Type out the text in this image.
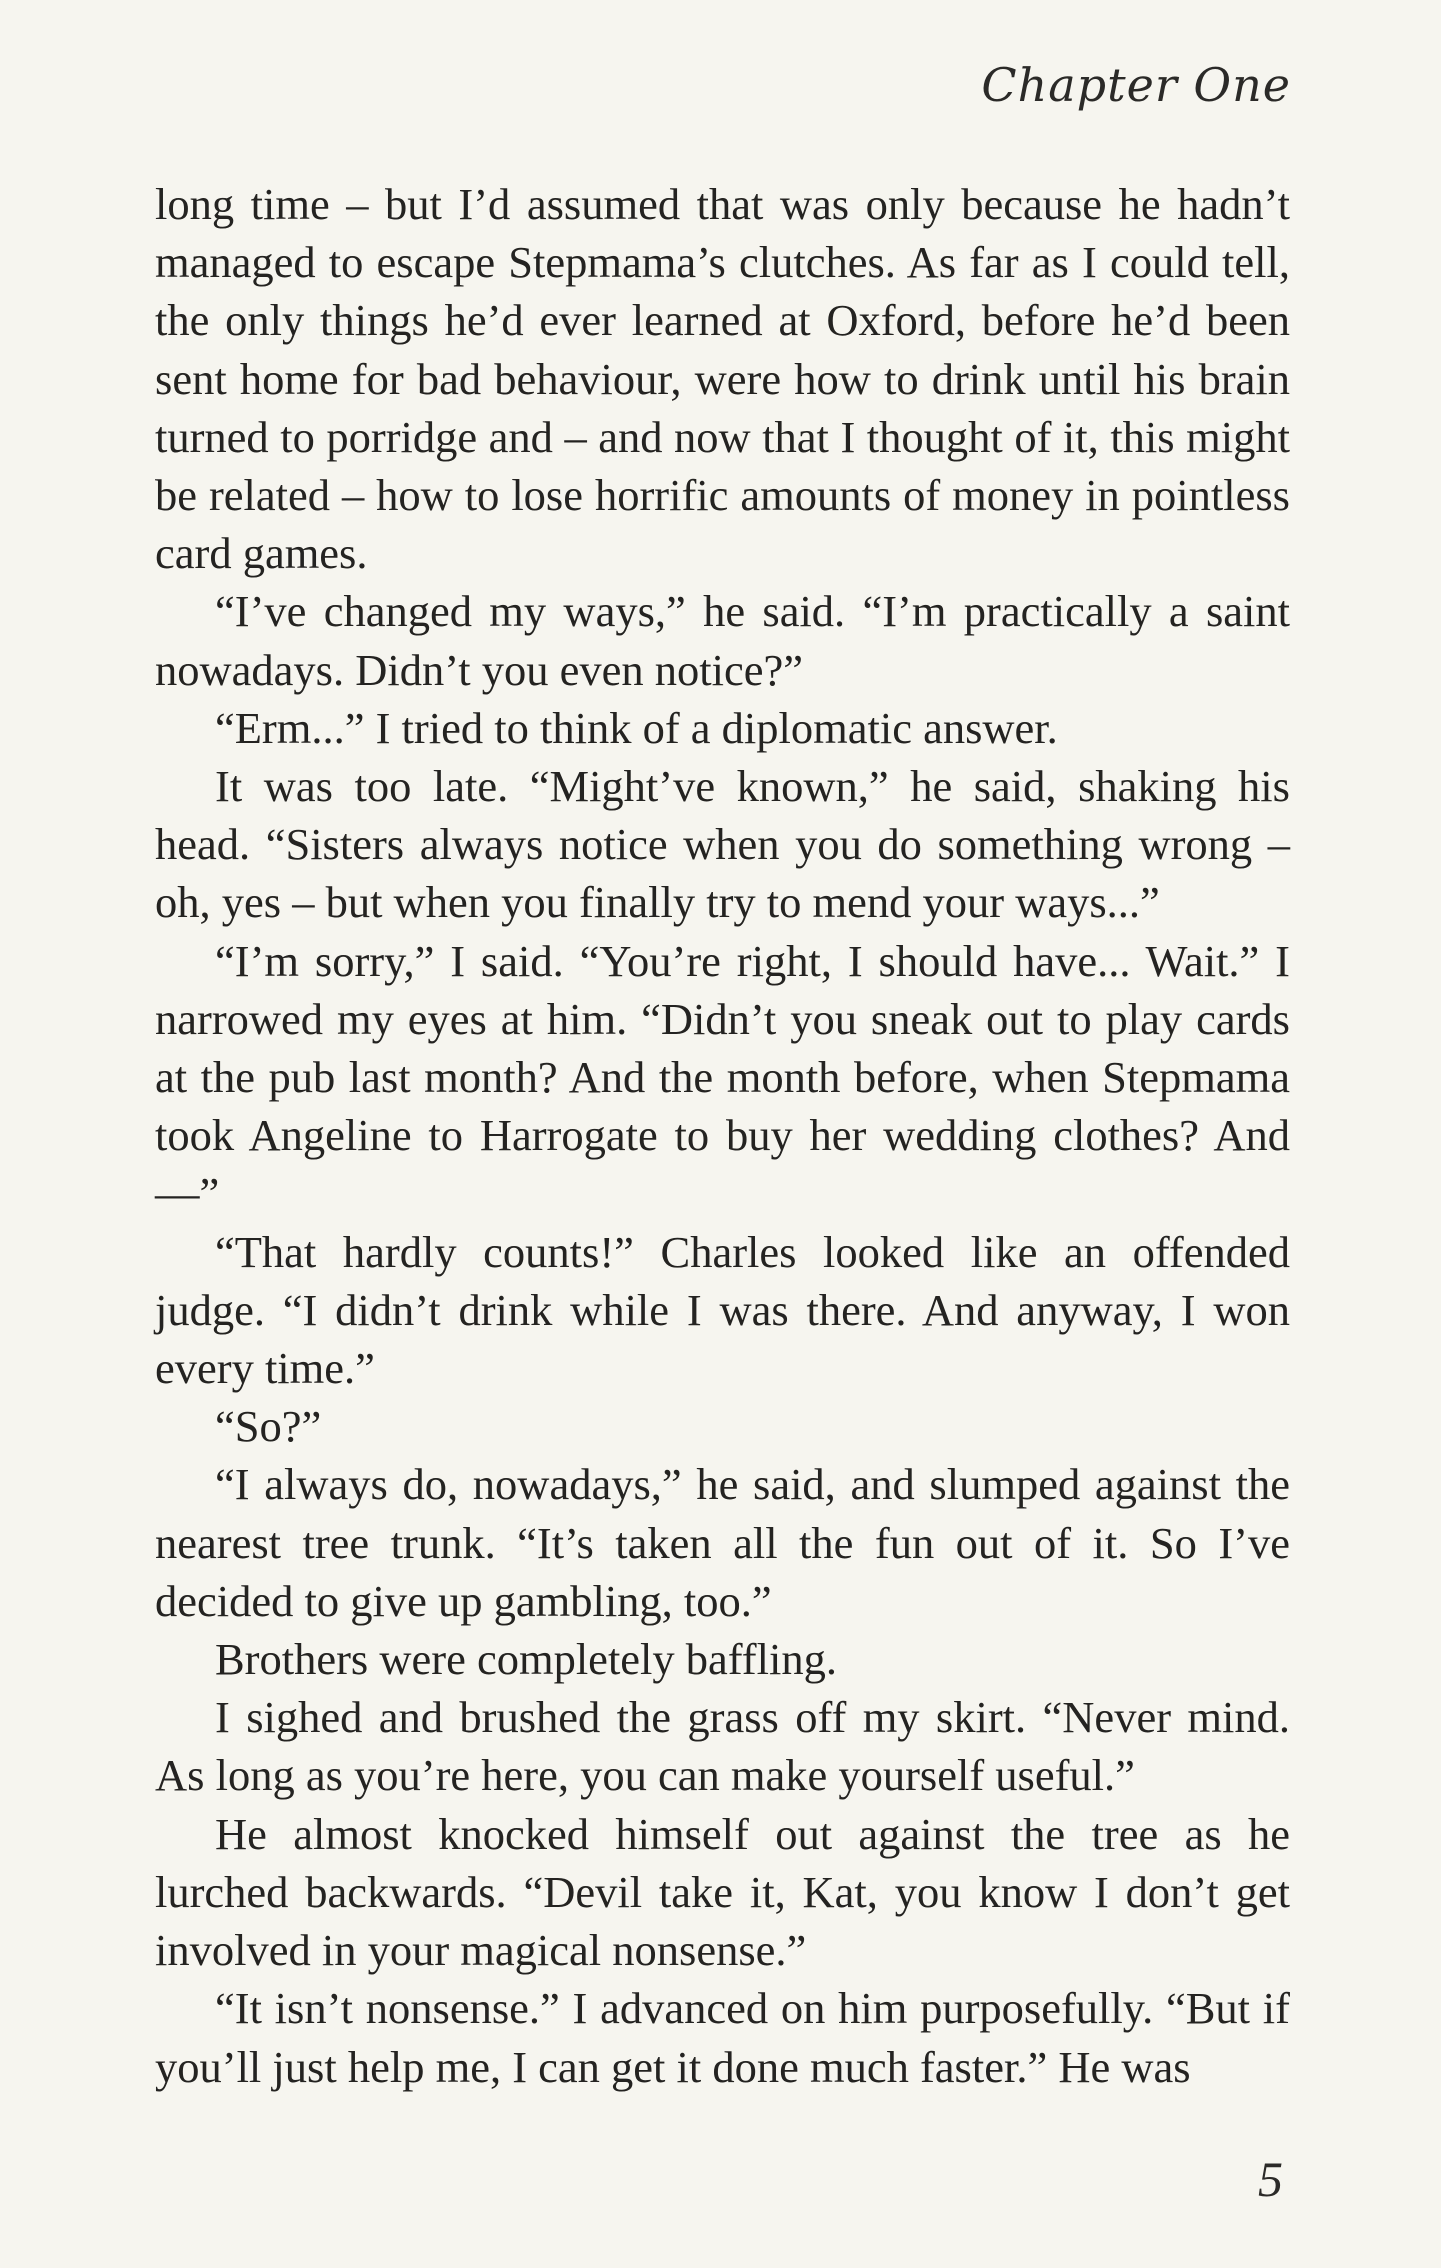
Chapter One

long time – but I’d assumed that was only because he hadn’t managed to escape Stepmama’s clutches. As far as I could tell, the only things he’d ever learned at Oxford, before he’d been sent home for bad behaviour, were how to drink until his brain turned to porridge and – and now that I thought of it, this might be related – how to lose horrific amounts of money in pointless card games.

“I’ve changed my ways,” he said. “I’m practically a saint nowadays. Didn’t you even notice?”

“Erm...” I tried to think of a diplomatic answer.

It was too late. “Might’ve known,” he said, shaking his head. “Sisters always notice when you do something wrong – oh, yes – but when you finally try to mend your ways...”

“I’m sorry,” I said. “You’re right, I should have... Wait.” I narrowed my eyes at him. “Didn’t you sneak out to play cards at the pub last month? And the month before, when Stepmama took Angeline to Harrogate to buy her wedding clothes? And—”

“That hardly counts!” Charles looked like an offended judge. “I didn’t drink while I was there. And anyway, I won every time.”

“So?”

“I always do, nowadays,” he said, and slumped against the nearest tree trunk. “It’s taken all the fun out of it. So I’ve decided to give up gambling, too.”

Brothers were completely baffling.

I sighed and brushed the grass off my skirt. “Never mind. As long as you’re here, you can make yourself useful.”

He almost knocked himself out against the tree as he lurched backwards. “Devil take it, Kat, you know I don’t get involved in your magical nonsense.”

“It isn’t nonsense.” I advanced on him purposefully. “But if you’ll just help me, I can get it done much faster.” He was

5
